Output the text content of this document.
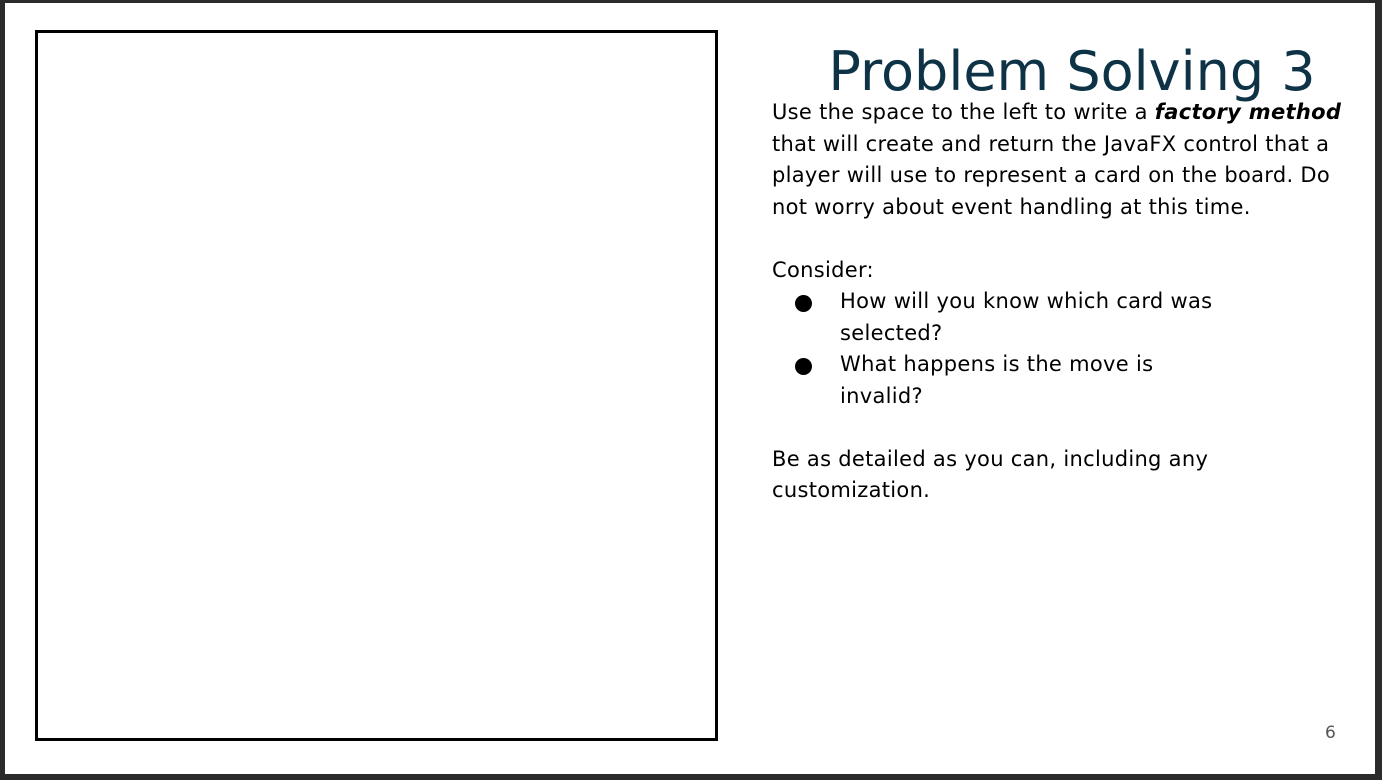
Problem Solving 3

Use the space to the left to write a factory method that will create and return the JavaFX control that a player will use to represent a card on the board. Do not worry about event handling at this time.

Consider:

How will you know which card was selected?
What happens is the move is invalid?

Be as detailed as you can, including any customization.

6
